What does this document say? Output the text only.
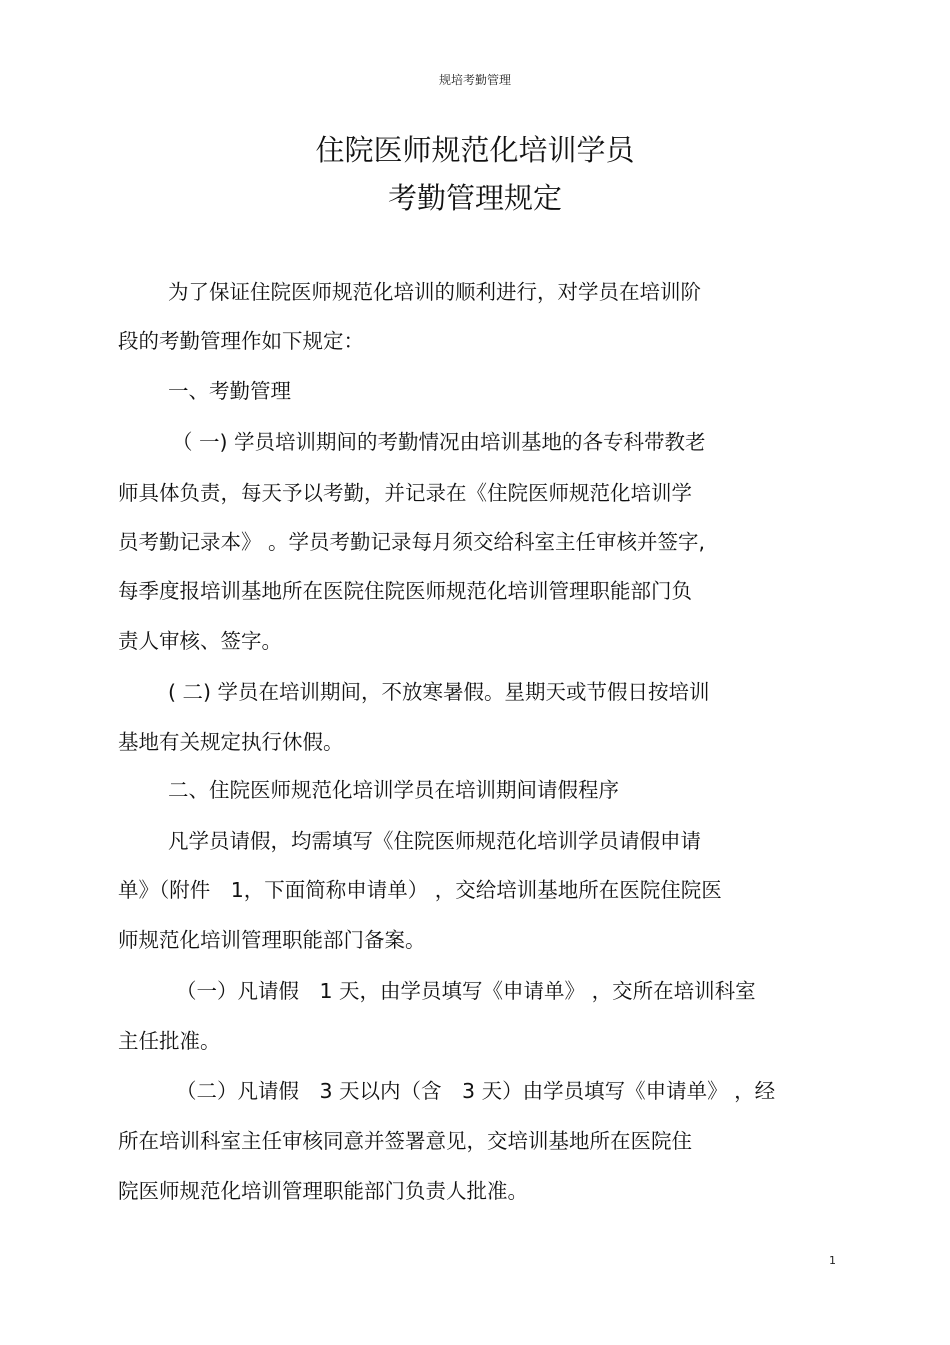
规培考勤管理
住院医师规范化培训学员
考勤管理规定
为了保证住院医师规范化培训的顺利进行，对学员在培训阶
段的考勤管理作如下规定：
一、考勤管理
（ 一) 学员培训期间的考勤情况由培训基地的各专科带教老
师具体负责，每天予以考勤，并记录在《住院医师规范化培训学
员考勤记录本》 。学员考勤记录每月须交给科室主任审核并签字,
每季度报培训基地所在医院住院医师规范化培训管理职能部门负
责人审核、签字。
( 二) 学员在培训期间，不放寒暑假。星期天或节假日按培训
基地有关规定执行休假。
二、住院医师规范化培训学员在培训期间请假程序
凡学员请假，均需填写《住院医师规范化培训学员请假申请
单》（附件　1，下面简称申请单） ，交给培训基地所在医院住院医
师规范化培训管理职能部门备案。
（一）凡请假　1 天，由学员填写《申请单》 ，交所在培训科室
主任批准。
（二）凡请假　3 天以内（含　3 天）由学员填写《申请单》 ，经
所在培训科室主任审核同意并签署意见，交培训基地所在医院住
院医师规范化培训管理职能部门负责人批准。
1
